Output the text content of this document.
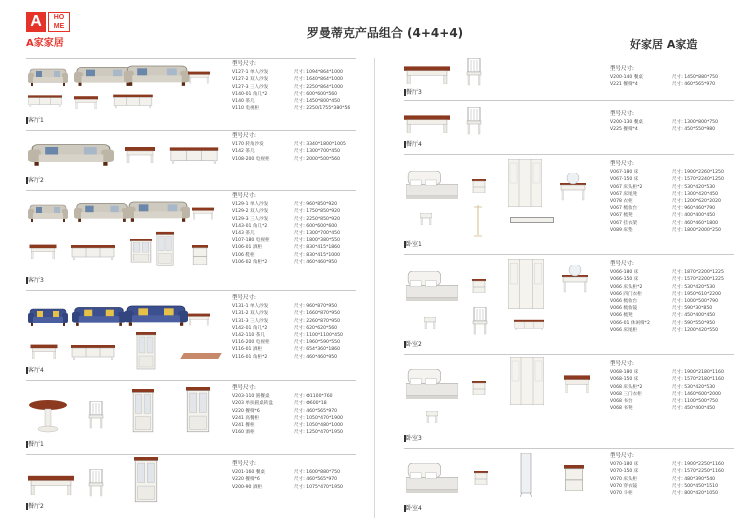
A	HO
ME
A家家居
罗曼蒂克产品组合 (4+4+4)
好家居 A家造
型号尺寸:
V127-1 单人沙发	尺寸: 1094*864*1000
V127-2 双人沙发	尺寸: 1640*864*1000
V127-3 三人沙发	尺寸: 2250*864*1000
V140-01 角几*2	尺寸: 600*600*560
V140 茶几	尺寸: 1450*800*450
V110 电视柜	尺寸: 2250/1755*380*56
客厅1
型号尺寸:
V170 转角沙发	尺寸: 3340*1800*1005
V142 茶几	尺寸: 1300*700*450
V108-200 电视柜	尺寸: 2000*500*560
客厅2
型号尺寸:
V129-1 单人沙发	尺寸: 960*850*920
V129-2 双人沙发	尺寸: 1750*850*920
V129-3 三人沙发	尺寸: 2250*850*920
V143-01 角几*2	尺寸: 600*600*600
V143 茶几	尺寸: 1300*700*450
V107-180 电视柜	尺寸: 1800*380*550
V106-01 酒柜	尺寸: 830*415*1860
V106 鞋柜	尺寸: 830*415*1000
V106-02 角柜*2	尺寸: 460*460*950
客厅3
型号尺寸:
V131-1 单人沙发	尺寸: 960*870*950
V131-2 双人沙发	尺寸: 1660*870*950
V131-3 三人沙发	尺寸: 2260*870*950
V142-01 角几*2	尺寸: 620*620*560
V142-110 茶几	尺寸: 1100*1100*450
V116-200 电视柜	尺寸: 1960*590*550
V116-01 酒柜	尺寸: 654*360*1860
V116-01 角柜*2	尺寸: 460*460*950
客厅4
型号尺寸:
V203-110 圆餐桌	尺寸: Φ1100*760
V203 单扶圆桌转盘	尺寸: Φ600*18
V220 餐椅*6	尺寸: 460*565*970
V241 高餐柜	尺寸: 1050*470*1900
V241 餐柜	尺寸: 1050*480*1000
V160 酒柜	尺寸: 1250*470*1950
餐厅1
型号尺寸:
V201-160 餐桌	尺寸: 1600*880*750
V220 餐椅*6	尺寸: 460*565*970
V200-90 酒柜	尺寸: 1075*470*1950
餐厅2
型号尺寸:
V200-140 餐桌	尺寸: 1450*880*750
V221 餐椅*4	尺寸: 460*565*970
餐厅3
型号尺寸:
V200-130 餐桌	尺寸: 1300*800*750
V225 餐椅*4	尺寸: 450*550*980
餐厅4
型号尺寸:
V067-180 床	尺寸: 1900*2260*1250
V067-150 床	尺寸: 1570*2240*1250
V067 床头柜*2	尺寸: 530*420*530
V067 床尾凳	尺寸: 1300*420*450
V078 衣柜	尺寸: 1200*620*2020
V067 梳妆台	尺寸: 960*460*790
V067 梳凳	尺寸: 400*400*450
V067 挂衣架	尺寸: 460*460*1800
V089 床垫	尺寸: 1800*2000*250
卧室1
型号尺寸:
V066-180 床	尺寸: 1870*2200*1225
V066-150 床	尺寸: 1570*2200*1225
V066 床头柜*2	尺寸: 530*420*530
V066 四门衣柜	尺寸: 1950*610*2200
V066 梳妆台	尺寸: 1000*500*790
V066 梳妆镜	尺寸: 590*30*850
V066 梳凳	尺寸: 450*400*450
V066-01 休闲椅*2	尺寸: 590*550*950
V066 床尾柜	尺寸: 1200*420*550
卧室2
型号尺寸:
V068-180 床	尺寸: 1900*2180*1160
V068-150 床	尺寸: 1570*2180*1160
V068 床头柜*2	尺寸: 530*420*530
V068 三门衣柜	尺寸: 1460*600*2000
V068 书台	尺寸: 1100*500*750
V068 书凳	尺寸: 450*400*450
卧室3
型号尺寸:
V070-180 床	尺寸: 1900*2250*1160
V070-150 床	尺寸: 1570*2250*1160
V070 床头柜	尺寸: 480*390*540
V070 穿衣镜	尺寸: 500*450*1510
V070 斗柜	尺寸: 800*420*1050
卧室4
